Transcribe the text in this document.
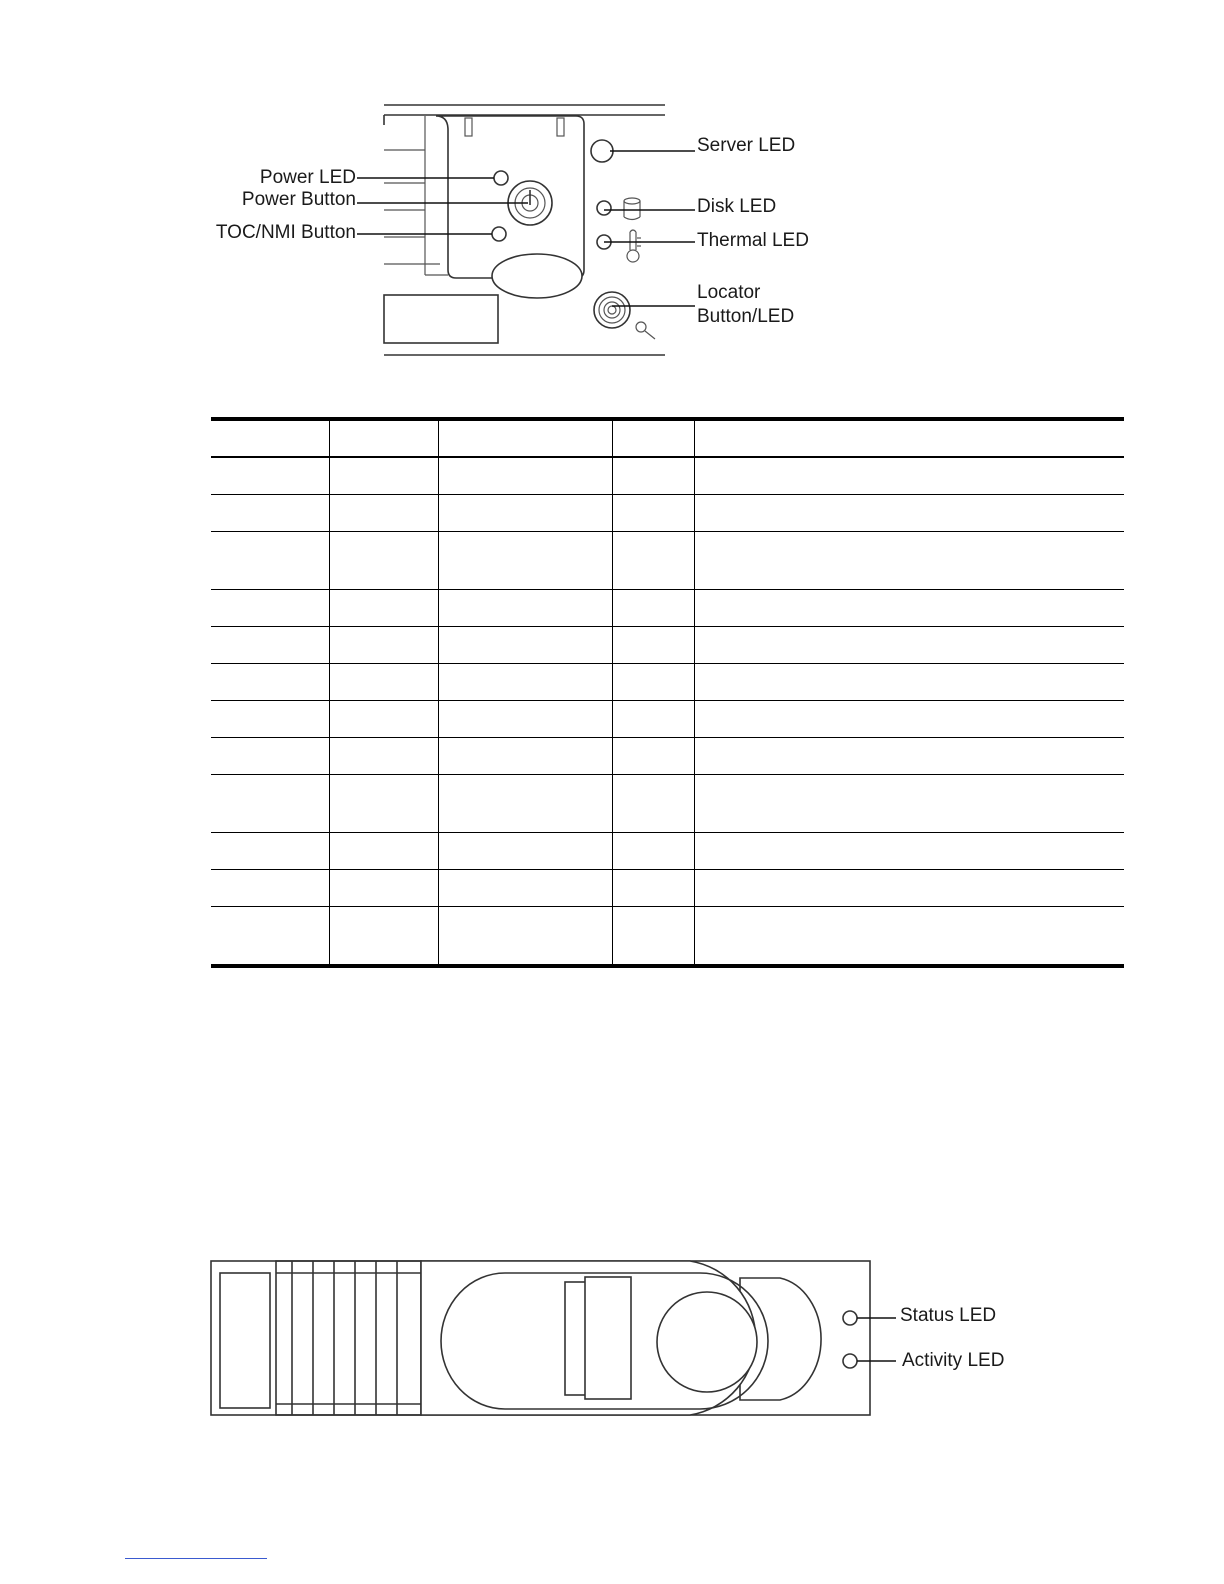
Power LED
Power Button
TOC/NMI Button
Server LED
Disk LED
Thermal LED
Locator
Button/LED

Status LED
Activity LED
